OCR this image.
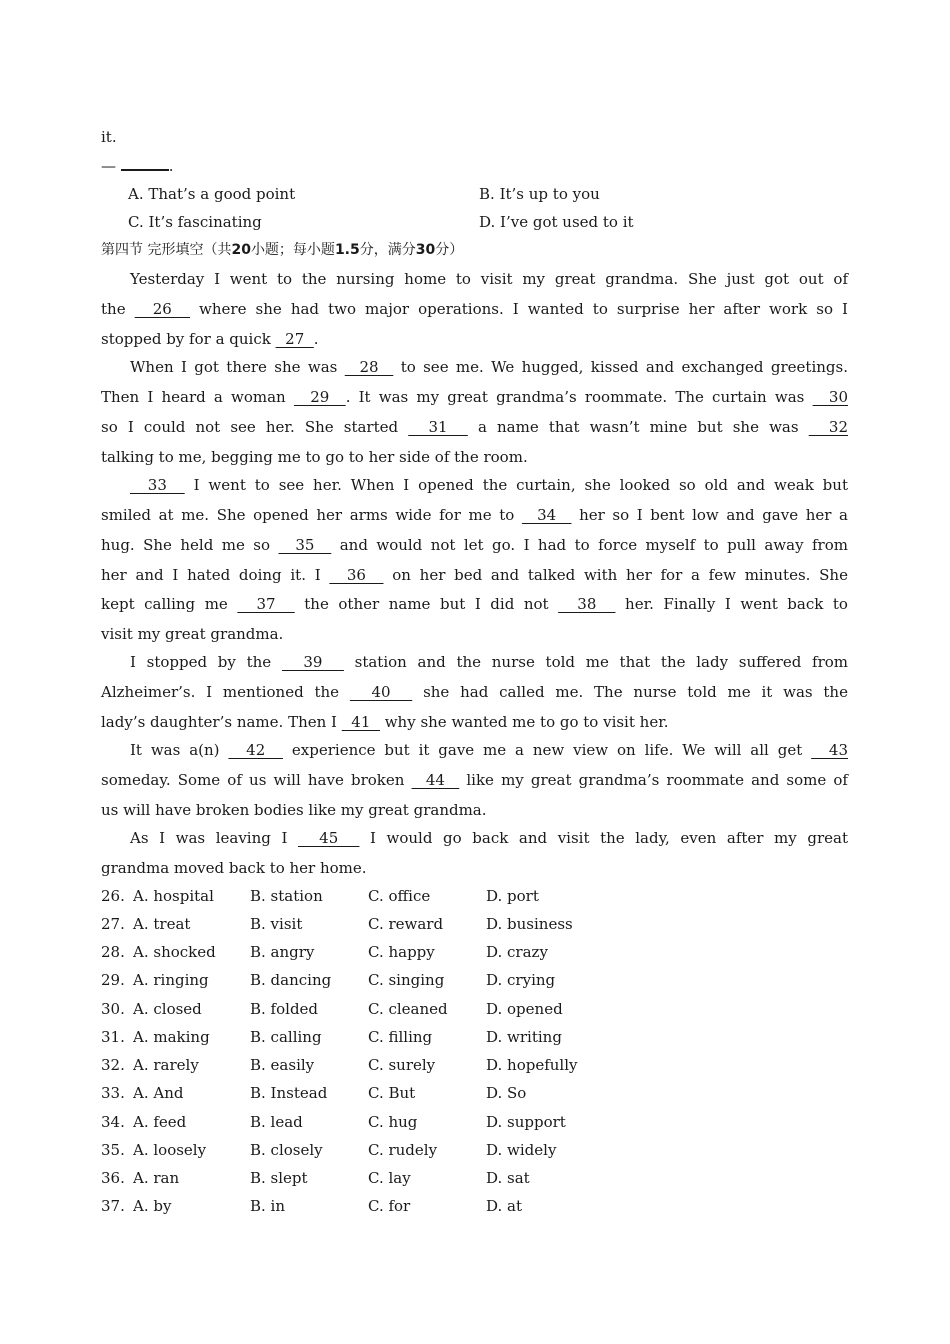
it.
—	.
A. That’s a good point	B. It’s up to you
C. It’s fascinating	D. I’ve got used to it
第四节 完形填空（共20小题；每小题1.5分，满分30分）
Yesterday I went to the nursing home to visit my great grandma. She just got out of
the   26   where she had two major operations. I wanted to surprise her after work so I
stopped by for a quick   27  .
When I got there she was   28   to see me. We hugged, kissed and exchanged greetings.
Then I heard a woman   29  . It was my great grandma’s roommate. The curtain was   30
so I could not see her. She started   31   a name that wasn’t mine but she was   32
talking to me, begging me to go to her side of the room.
33   I went to see her. When I opened the curtain, she looked so old and weak but
smiled at me. She opened her arms wide for me to   34   her so I bent low and gave her a
hug. She held me so   35   and would not let go. I had to force myself to pull away from
her and I hated doing it. I   36   on her bed and talked with her for a few minutes. She
kept calling me   37   the other name but I did not   38   her. Finally I went back to
visit my great grandma.
I stopped by the   39   station and the nurse told me that the lady suffered from
Alzheimer’s. I mentioned the   40   she had called me. The nurse told me it was the
lady’s daughter’s name. Then I   41   why she wanted me to go to visit her.
It was a(n)   42   experience but it gave me a new view on life. We will all get   43
someday. Some of us will have broken   44   like my great grandma’s roommate and some of
us will have broken bodies like my great grandma.
As I was leaving I   45   I would go back and visit the lady, even after my great
grandma moved back to her home.
26. A. hospital B. station	C. office	D. port
27. A. treat	B. visit	C. reward	D. business
28. A. shocked B. angry	C. happy	D. crazy
29. A. ringing	B. dancing C. singing	D. crying
30. A. closed	B. folded	C. cleaned	D. opened
31. A. making	B. calling	C. filling	D. writing
32. A. rarely	B. easily	C. surely	D. hopefully
33. A. And	B. Instead	C. But	D. So
34. A. feed	B. lead	C. hug	D. support
35. A. loosely	B. closely	C. rudely	D. widely
36. A. ran	B. slept	C. lay	D. sat
37. A. by	B. in	C. for	D. at
